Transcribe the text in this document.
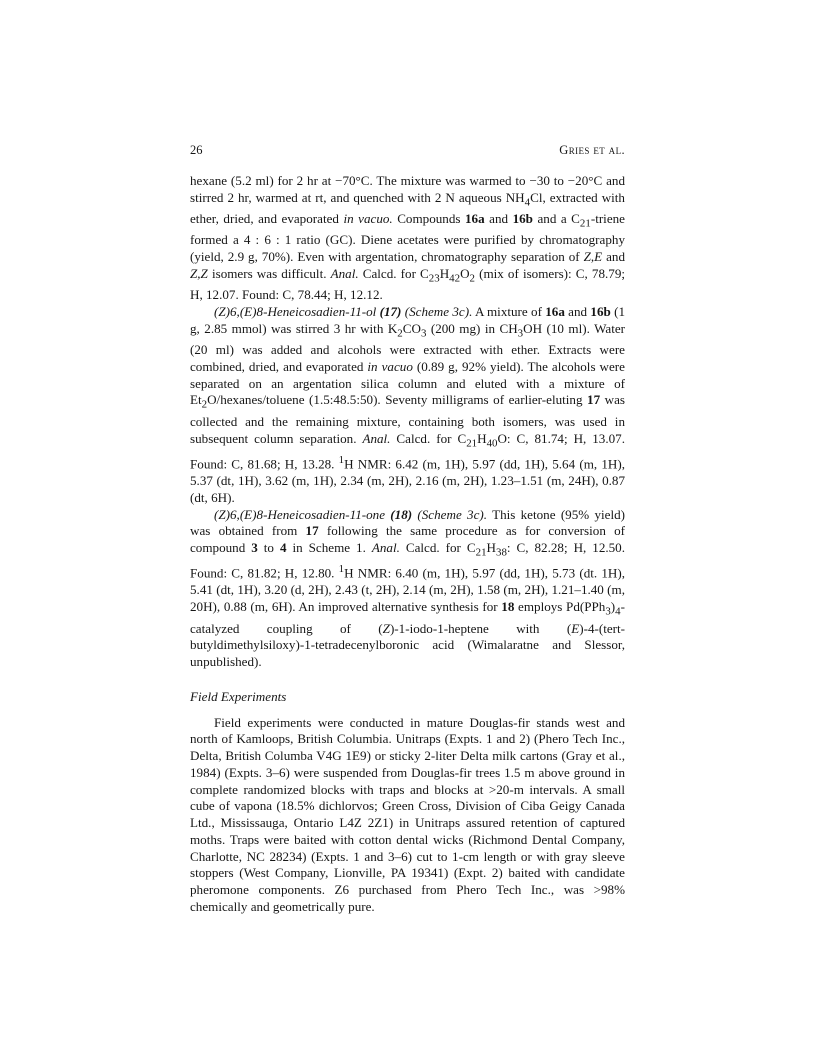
26	Gries et al.

hexane (5.2 ml) for 2 hr at −70°C. The mixture was warmed to −30 to −20°C and stirred 2 hr, warmed at rt, and quenched with 2 N aqueous $NH_4Cl$, extracted with ether, dried, and evaporated in vacuo. Compounds 16a and 16b and a $C_{21}$-triene formed a 4 : 6 : 1 ratio (GC). Diene acetates were purified by chromatography (yield, 2.9 g, 70%). Even with argentation, chromatography separation of Z,E and Z,Z isomers was difficult. Anal. Calcd. for $C_{23}H_{42}O_2$ (mix of isomers): C, 78.79; H, 12.07. Found: C, 78.44; H, 12.12.

(Z)6,(E)8-Heneicosadien-11-ol (17) (Scheme 3c). A mixture of 16a and 16b (1 g, 2.85 mmol) was stirred 3 hr with $K_2CO_3$ (200 mg) in $CH_3OH$ (10 ml). Water (20 ml) was added and alcohols were extracted with ether. Extracts were combined, dried, and evaporated in vacuo (0.89 g, 92% yield). The alcohols were separated on an argentation silica column and eluted with a mixture of $Et_2O/hexanes$/toluene (1.5:48.5:50). Seventy milligrams of earlier-eluting 17 was collected and the remaining mixture, containing both isomers, was used in subsequent column separation. Anal. Calcd. for $C_{21}H_{40}O$: C, 81.74; H, 13.07. Found: C, 81.68; H, 13.28. $^1$H NMR: 6.42 (m, 1H), 5.97 (dd, 1H), 5.64 (m, 1H), 5.37 (dt, 1H), 3.62 (m, 1H), 2.34 (m, 2H), 2.16 (m, 2H), 1.23–1.51 (m, 24H), 0.87 (dt, 6H).

(Z)6,(E)8-Heneicosadien-11-one (18) (Scheme 3c). This ketone (95% yield) was obtained from 17 following the same procedure as for conversion of compound 3 to 4 in Scheme 1. Anal. Calcd. for $C_{21}H_{38}$: C, 82.28; H, 12.50. Found: C, 81.82; H, 12.80. $^1$H NMR: 6.40 (m, 1H), 5.97 (dd, 1H), 5.73 (dt. 1H), 5.41 (dt, 1H), 3.20 (d, 2H), 2.43 (t, 2H), 2.14 (m, 2H), 1.58 (m, 2H), 1.21–1.40 (m, 20H), 0.88 (m, 6H). An improved alternative synthesis for 18 employs $Pd(PPh_3)_4$-catalyzed coupling of (Z)-1-iodo-1-heptene with (E)-4-(tert-butyldimethylsiloxy)-1-tetradecenylboronic acid (Wimalaratne and Slessor, unpublished).

Field Experiments

Field experiments were conducted in mature Douglas-fir stands west and north of Kamloops, British Columbia. Unitraps (Expts. 1 and 2) (Phero Tech Inc., Delta, British Columba V4G 1E9) or sticky 2-liter Delta milk cartons (Gray et al., 1984) (Expts. 3–6) were suspended from Douglas-fir trees 1.5 m above ground in complete randomized blocks with traps and blocks at >20-m intervals. A small cube of vapona (18.5% dichlorvos; Green Cross, Division of Ciba Geigy Canada Ltd., Mississauga, Ontario L4Z 2Z1) in Unitraps assured retention of captured moths. Traps were baited with cotton dental wicks (Richmond Dental Company, Charlotte, NC 28234) (Expts. 1 and 3–6) cut to 1-cm length or with gray sleeve stoppers (West Company, Lionville, PA 19341) (Expt. 2) baited with candidate pheromone components. Z6 purchased from Phero Tech Inc., was >98% chemically and geometrically pure.
